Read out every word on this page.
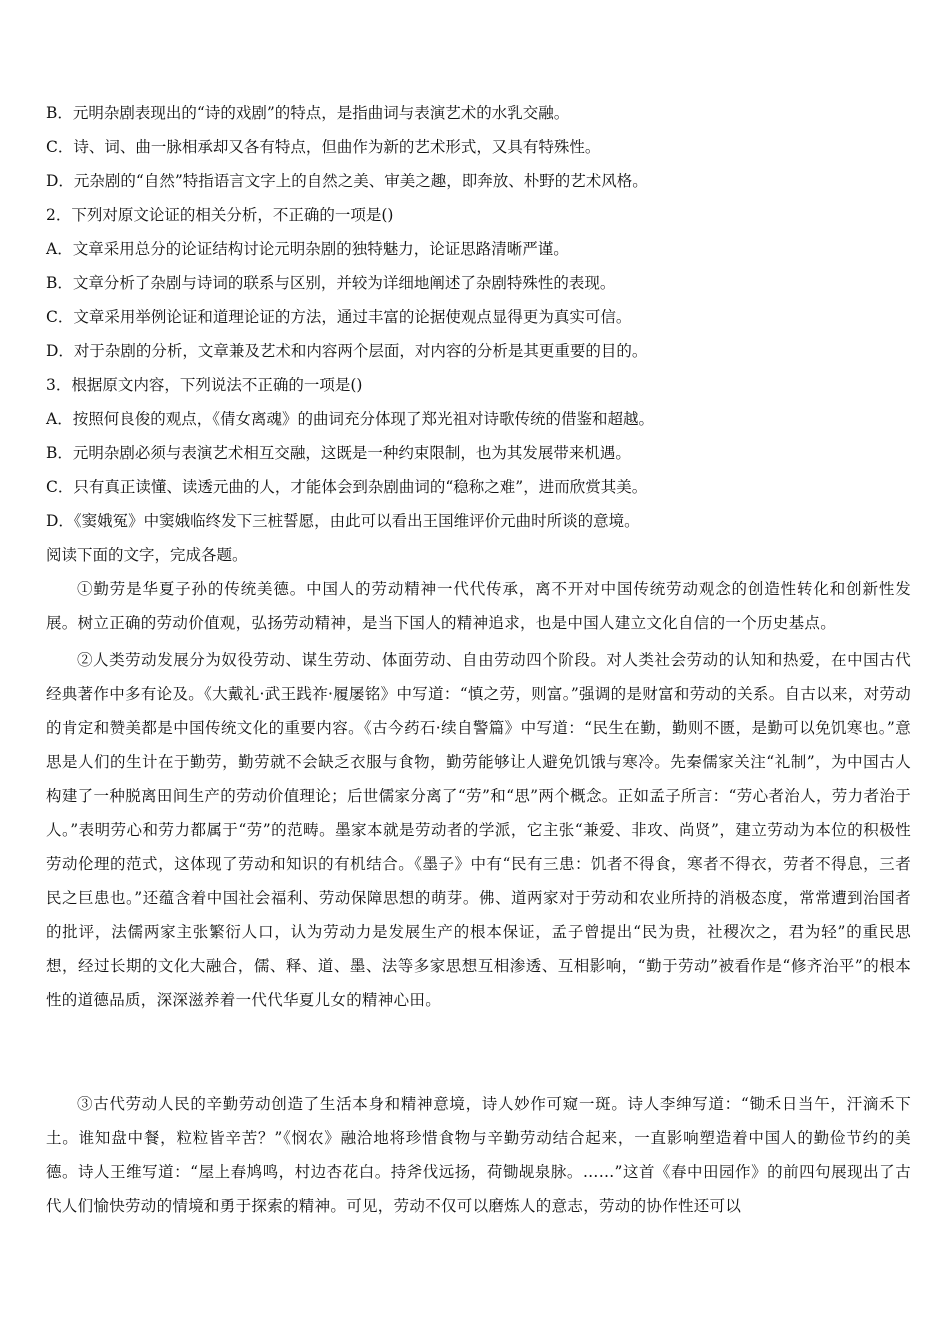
B．元明杂剧表现出的“诗的戏剧”的特点，是指曲词与表演艺术的水乳交融。
C．诗、词、曲一脉相承却又各有特点，但曲作为新的艺术形式，又具有特殊性。
D．元杂剧的“自然”特指语言文字上的自然之美、审美之趣，即奔放、朴野的艺术风格。
2．下列对原文论证的相关分析，不正确的一项是()
A．文章采用总分的论证结构讨论元明杂剧的独特魅力，论证思路清晰严谨。
B．文章分析了杂剧与诗词的联系与区别，并较为详细地阐述了杂剧特殊性的表现。
C．文章采用举例论证和道理论证的方法，通过丰富的论据使观点显得更为真实可信。
D．对于杂剧的分析，文章兼及艺术和内容两个层面，对内容的分析是其更重要的目的。
3．根据原文内容，下列说法不正确的一项是()
A．按照何良俊的观点，《倩女离魂》的曲词充分体现了郑光祖对诗歌传统的借鉴和超越。
B．元明杂剧必须与表演艺术相互交融，这既是一种约束限制，也为其发展带来机遇。
C．只有真正读懂、读透元曲的人，才能体会到杂剧曲词的“稳称之难”，进而欣赏其美。
D．《窦娥冤》中窦娥临终发下三桩誓愿，由此可以看出王国维评价元曲时所谈的意境。
阅读下面的文字，完成各题。
①勤劳是华夏子孙的传统美德。中国人的劳动精神一代代传承，离不开对中国传统劳动观念的创造性转化和创新性发展。树立正确的劳动价值观，弘扬劳动精神，是当下国人的精神追求，也是中国人建立文化自信的一个历史基点。
②人类劳动发展分为奴役劳动、谋生劳动、体面劳动、自由劳动四个阶段。对人类社会劳动的认知和热爱，在中国古代经典著作中多有论及。《大戴礼·武王践祚·履屡铭》中写道：“慎之劳，则富。”强调的是财富和劳动的关系。自古以来，对劳动的肯定和赞美都是中国传统文化的重要内容。《古今药石·续自警篇》中写道：“民生在勤，勤则不匮，是勤可以免饥寒也。”意思是人们的生计在于勤劳，勤劳就不会缺乏衣服与食物，勤劳能够让人避免饥饿与寒冷。先秦儒家关注“礼制”，为中国古人构建了一种脱离田间生产的劳动价值理论；后世儒家分离了“劳”和“思”两个概念。正如孟子所言：“劳心者治人，劳力者治于人。”表明劳心和劳力都属于“劳”的范畴。墨家本就是劳动者的学派，它主张“兼爱、非攻、尚贤”，建立劳动为本位的积极性劳动伦理的范式，这体现了劳动和知识的有机结合。《墨子》中有“民有三患：饥者不得食，寒者不得衣，劳者不得息，三者民之巨患也。”还蕴含着中国社会福利、劳动保障思想的萌芽。佛、道两家对于劳动和农业所持的消极态度，常常遭到治国者的批评，法儒两家主张繁衍人口，认为劳动力是发展生产的根本保证，孟子曾提出“民为贵，社稷次之，君为轻”的重民思想，经过长期的文化大融合，儒、释、道、墨、法等多家思想互相渗透、互相影响，“勤于劳动”被看作是“修齐治平”的根本性的道德品质，深深滋养着一代代华夏儿女的精神心田。
③古代劳动人民的辛勤劳动创造了生活本身和精神意境，诗人妙作可窥一斑。诗人李绅写道：“锄禾日当午，汗滴禾下土。谁知盘中餐，粒粒皆辛苦？”《悯农》融洽地将珍惜食物与辛勤劳动结合起来，一直影响塑造着中国人的勤俭节约的美德。诗人王维写道：“屋上春鸠鸣，村边杏花白。持斧伐远扬，荷锄觇泉脉。……”这首《春中田园作》的前四句展现出了古代人们愉快劳动的情境和勇于探索的精神。可见，劳动不仅可以磨炼人的意志，劳动的协作性还可以
